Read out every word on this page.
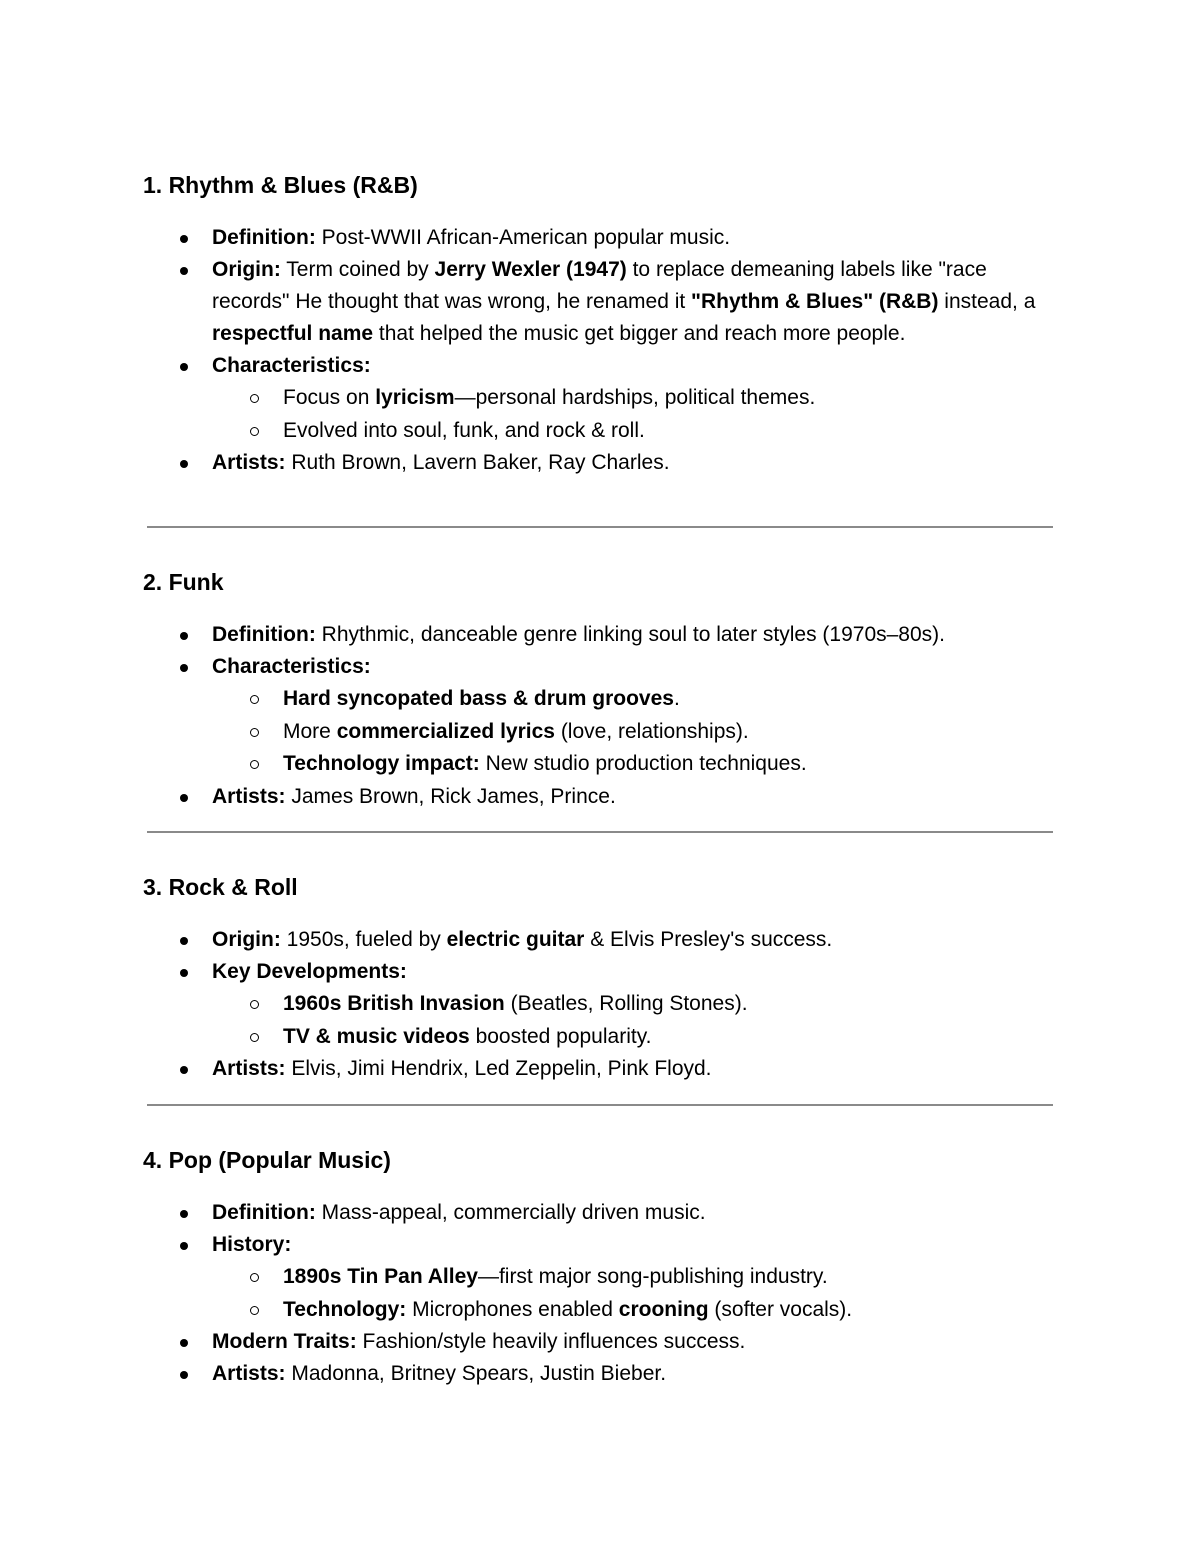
1. Rhythm & Blues (R&B)
Definition: Post-WWII African-American popular music.
Origin: Term coined by Jerry Wexler (1947) to replace demeaning labels like "race records" He thought that was wrong, he renamed it "Rhythm & Blues" (R&B) instead, a respectful name that helped the music get bigger and reach more people.
Characteristics:
Focus on lyricism—personal hardships, political themes.
Evolved into soul, funk, and rock & roll.
Artists: Ruth Brown, Lavern Baker, Ray Charles.
2. Funk
Definition: Rhythmic, danceable genre linking soul to later styles (1970s–80s).
Characteristics:
Hard syncopated bass & drum grooves.
More commercialized lyrics (love, relationships).
Technology impact: New studio production techniques.
Artists: James Brown, Rick James, Prince.
3. Rock & Roll
Origin: 1950s, fueled by electric guitar & Elvis Presley's success.
Key Developments:
1960s British Invasion (Beatles, Rolling Stones).
TV & music videos boosted popularity.
Artists: Elvis, Jimi Hendrix, Led Zeppelin, Pink Floyd.
4. Pop (Popular Music)
Definition: Mass-appeal, commercially driven music.
History:
1890s Tin Pan Alley—first major song-publishing industry.
Technology: Microphones enabled crooning (softer vocals).
Modern Traits: Fashion/style heavily influences success.
Artists: Madonna, Britney Spears, Justin Bieber.
